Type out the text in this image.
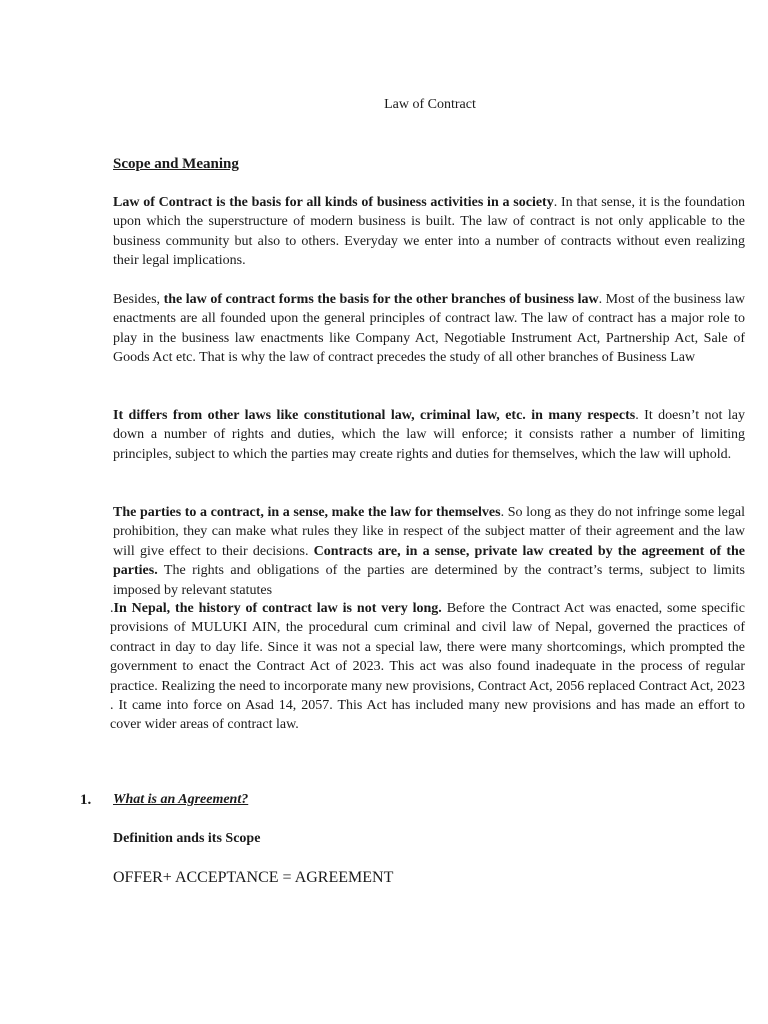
Law of Contract
Scope and Meaning

Law of Contract is the basis for all kinds of business activities in a society. In that sense, it is the foundation upon which the superstructure of modern business is built. The law of contract is not only applicable to the business community but also to others. Everyday we enter into a number of contracts without even realizing their legal implications.

Besides, the law of contract forms the basis for the other branches of business law. Most of the business law enactments are all founded upon the general principles of contract law. The law of contract has a major role to play in the business law enactments like Company Act, Negotiable Instrument Act, Partnership Act, Sale of Goods Act etc. That is why the law of contract precedes the study of all other branches of Business Law

It differs from other laws like constitutional law, criminal law, etc. in many respects. It doesn’t not lay down a number of rights and duties, which the law will enforce; it consists rather a number of limiting principles, subject to which the parties may create rights and duties for themselves, which the law will uphold.

The parties to a contract, in a sense, make the law for themselves. So long as they do not infringe some legal prohibition, they can make what rules they like in respect of the subject matter of their agreement and the law will give effect to their decisions. Contracts are, in a sense, private law created by the agreement of the parties. The rights and obligations of the parties are determined by the contract’s terms, subject to limits imposed by relevant statutes

.In Nepal, the history of contract law is not very long. Before the Contract Act was enacted, some specific provisions of MULUKI AIN, the procedural cum criminal and civil law of Nepal, governed the practices of contract in day to day life. Since it was not a special law, there were many shortcomings, which prompted the government to enact the Contract Act of 2023. This act was also found inadequate in the process of regular practice. Realizing the need to incorporate many new provisions, Contract Act, 2056 replaced Contract Act, 2023 . It came into force on Asad 14, 2057. This Act has included many new provisions and has made an effort to cover wider areas of contract law.

1. What is an Agreement?
Definition ands its Scope
OFFER+ ACCEPTANCE = AGREEMENT
